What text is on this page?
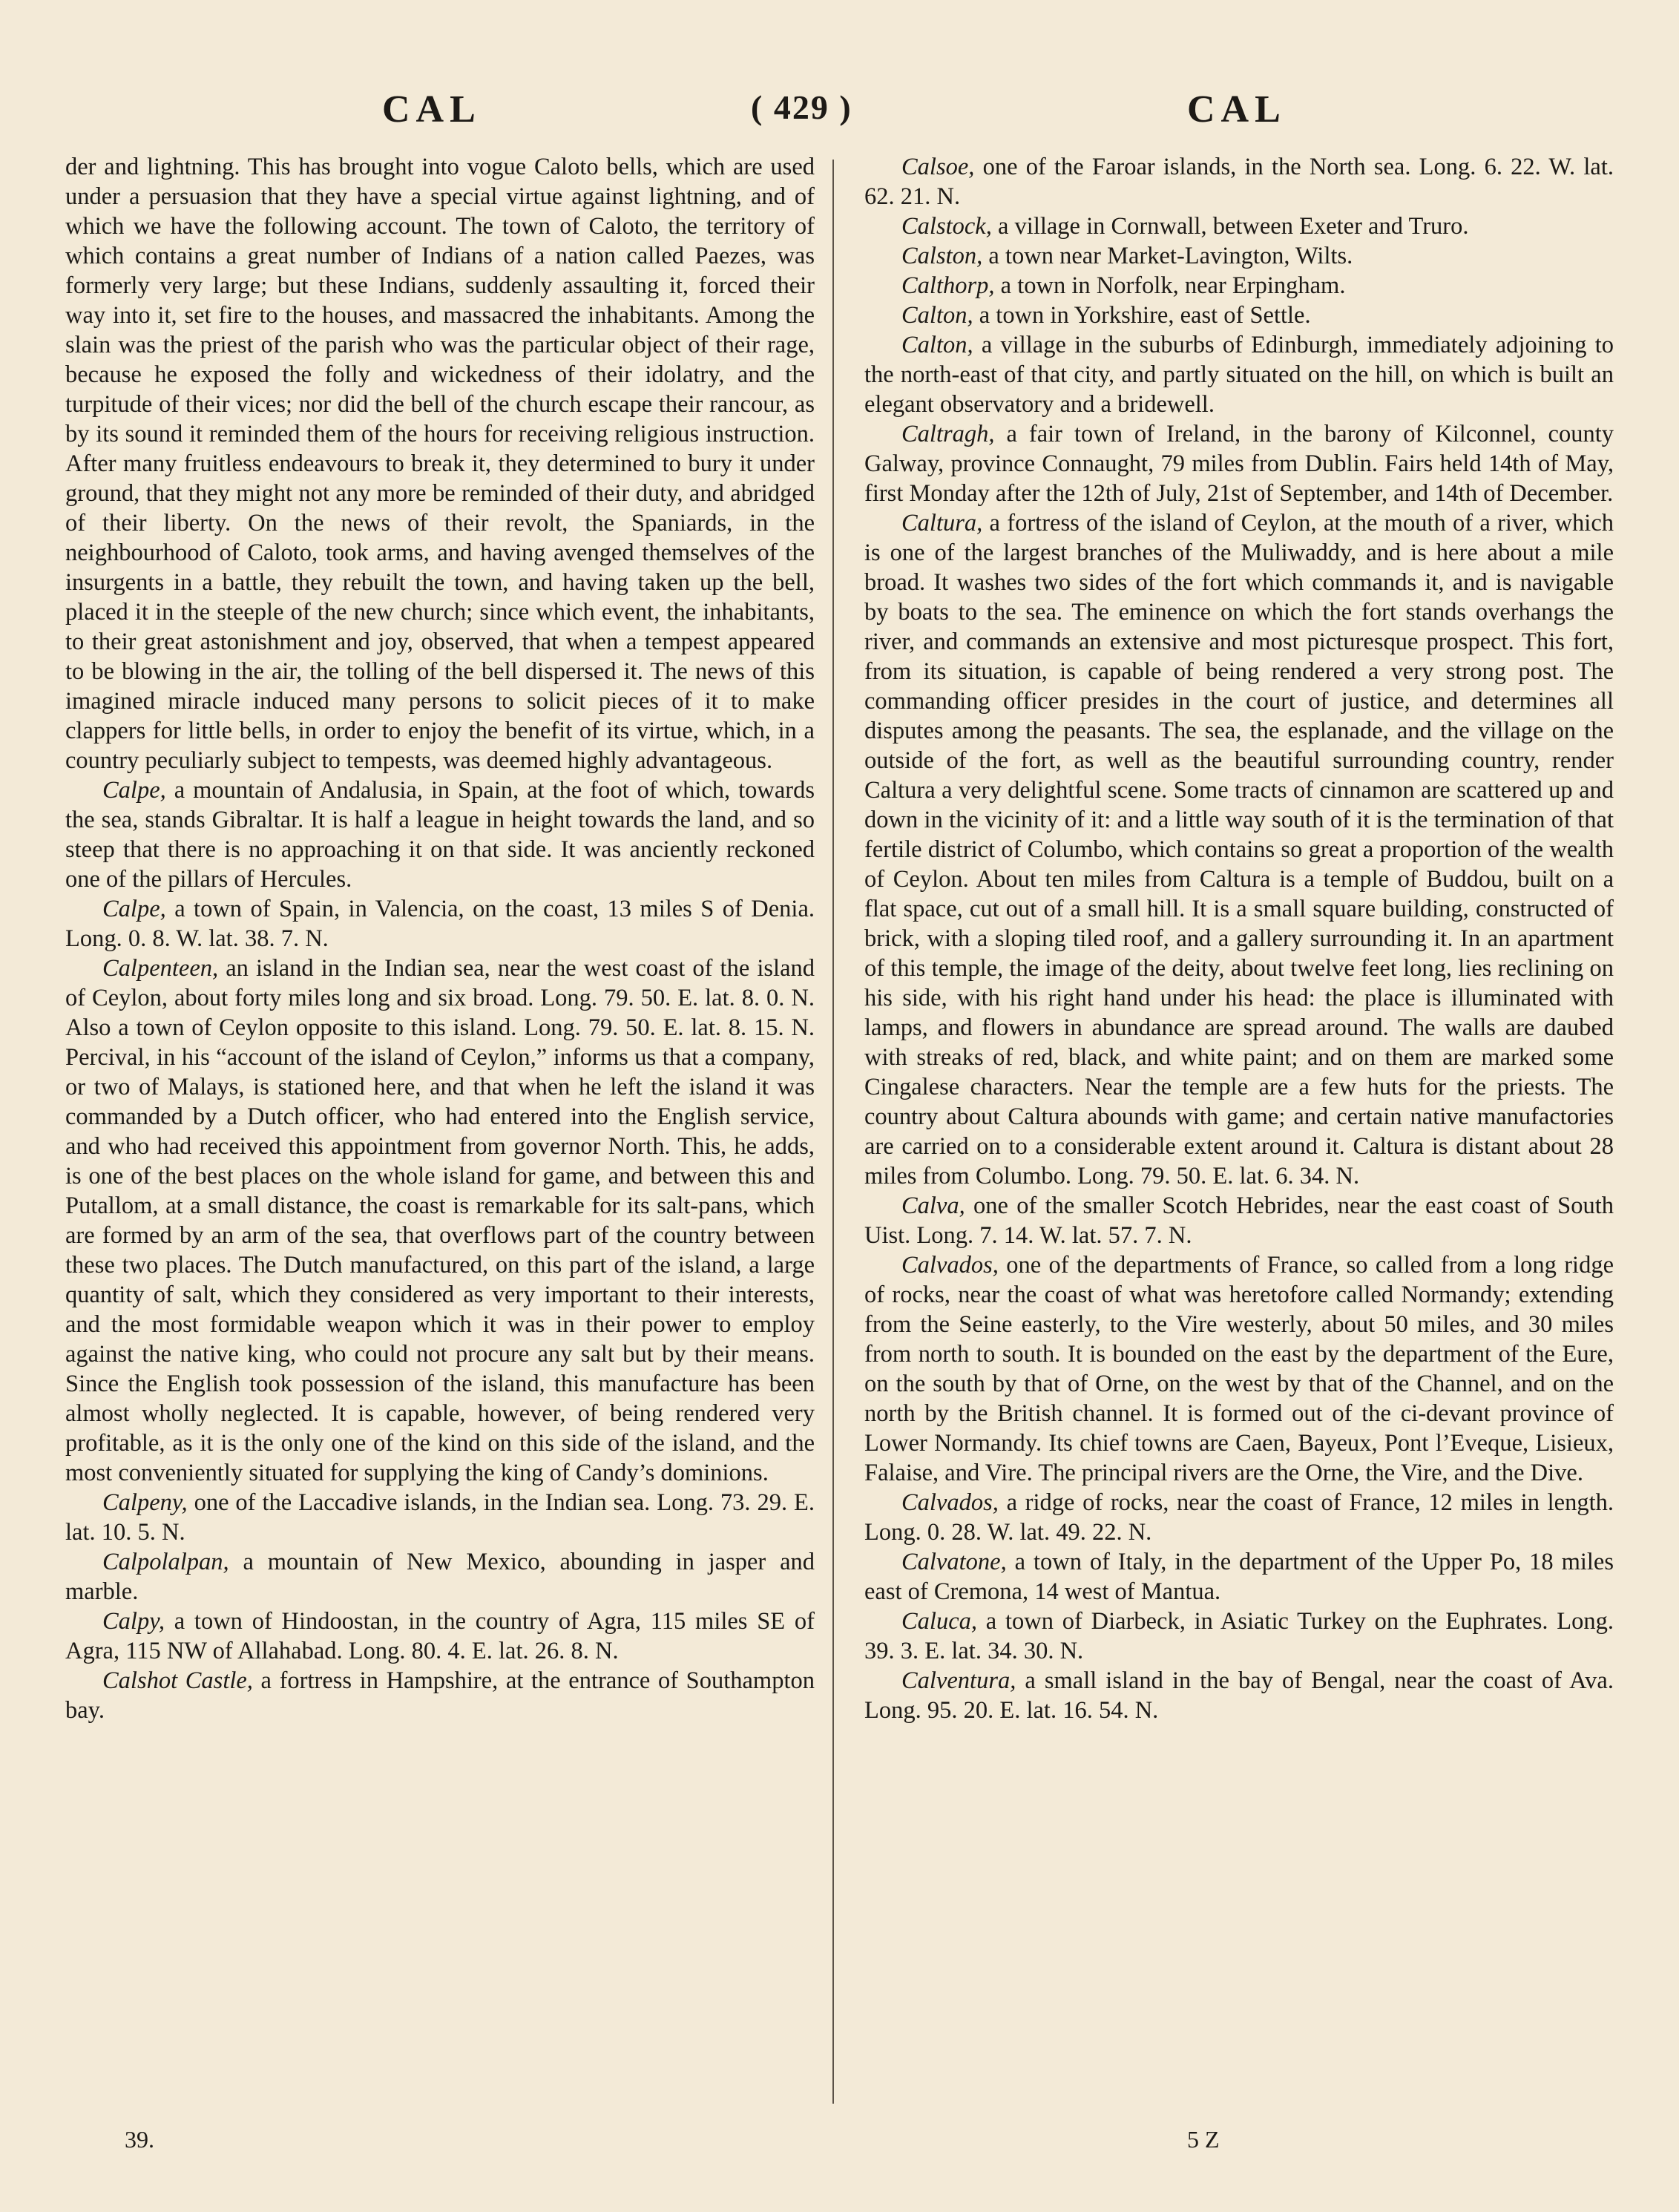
CAL	( 429 )	CAL

der and lightning. This has brought into vogue Caloto bells, which are used under a persuasion that they have a special virtue against lightning, and of which we have the following account. The town of Caloto, the territory of which contains a great number of Indians of a nation called Paezes, was formerly very large; but these Indians, suddenly assaulting it, forced their way into it, set fire to the houses, and massacred the inhabitants. Among the slain was the priest of the parish who was the particular object of their rage, because he exposed the folly and wickedness of their idolatry, and the turpitude of their vices; nor did the bell of the church escape their rancour, as by its sound it reminded them of the hours for receiving religious instruction. After many fruitless endeavours to break it, they determined to bury it under ground, that they might not any more be reminded of their duty, and abridged of their liberty. On the news of their revolt, the Spaniards, in the neighbourhood of Caloto, took arms, and having avenged themselves of the insurgents in a battle, they rebuilt the town, and having taken up the bell, placed it in the steeple of the new church; since which event, the inhabitants, to their great astonishment and joy, observed, that when a tempest appeared to be blowing in the air, the tolling of the bell dispersed it. The news of this imagined miracle induced many persons to solicit pieces of it to make clappers for little bells, in order to enjoy the benefit of its virtue, which, in a country peculiarly subject to tempests, was deemed highly advantageous.

Calpe, a mountain of Andalusia, in Spain, at the foot of which, towards the sea, stands Gibraltar. It is half a league in height towards the land, and so steep that there is no approaching it on that side. It was anciently reckoned one of the pillars of Hercules.

Calpe, a town of Spain, in Valencia, on the coast, 13 miles S of Denia. Long. 0. 8. W. lat. 38. 7. N.

Calpenteen, an island in the Indian sea, near the west coast of the island of Ceylon, about forty miles long and six broad. Long. 79. 50. E. lat. 8. 0. N. Also a town of Ceylon opposite to this island. Long. 79. 50. E. lat. 8. 15. N. Percival, in his “account of the island of Ceylon,” informs us that a company, or two of Malays, is stationed here, and that when he left the island it was commanded by a Dutch officer, who had entered into the English service, and who had received this appointment from governor North. This, he adds, is one of the best places on the whole island for game, and between this and Putallom, at a small distance, the coast is remarkable for its salt-pans, which are formed by an arm of the sea, that overflows part of the country between these two places. The Dutch manufactured, on this part of the island, a large quantity of salt, which they considered as very important to their interests, and the most formidable weapon which it was in their power to employ against the native king, who could not procure any salt but by their means. Since the English took possession of the island, this manufacture has been almost wholly neglected. It is capable, however, of being rendered very profitable, as it is the only one of the kind on this side of the island, and the most conveniently situated for supplying the king of Candy’s dominions.

Calpeny, one of the Laccadive islands, in the Indian sea. Long. 73. 29. E. lat. 10. 5. N.

Calpolalpan, a mountain of New Mexico, abounding in jasper and marble.

Calpy, a town of Hindoostan, in the country of Agra, 115 miles SE of Agra, 115 NW of Allahabad. Long. 80. 4. E. lat. 26. 8. N.

Calshot Castle, a fortress in Hampshire, at the entrance of Southampton bay.

Calsoe, one of the Faroar islands, in the North sea. Long. 6. 22. W. lat. 62. 21. N.

Calstock, a village in Cornwall, between Exeter and Truro.

Calston, a town near Market-Lavington, Wilts.

Calthorp, a town in Norfolk, near Erpingham.

Calton, a town in Yorkshire, east of Settle.

Calton, a village in the suburbs of Edinburgh, immediately adjoining to the north-east of that city, and partly situated on the hill, on which is built an elegant observatory and a bridewell.

Caltragh, a fair town of Ireland, in the barony of Kilconnel, county Galway, province Connaught, 79 miles from Dublin. Fairs held 14th of May, first Monday after the 12th of July, 21st of September, and 14th of December.

Caltura, a fortress of the island of Ceylon, at the mouth of a river, which is one of the largest branches of the Muliwaddy, and is here about a mile broad. It washes two sides of the fort which commands it, and is navigable by boats to the sea. The eminence on which the fort stands overhangs the river, and commands an extensive and most picturesque prospect. This fort, from its situation, is capable of being rendered a very strong post. The commanding officer presides in the court of justice, and determines all disputes among the peasants. The sea, the esplanade, and the village on the outside of the fort, as well as the beautiful surrounding country, render Caltura a very delightful scene. Some tracts of cinnamon are scattered up and down in the vicinity of it: and a little way south of it is the termination of that fertile district of Columbo, which contains so great a proportion of the wealth of Ceylon. About ten miles from Caltura is a temple of Buddou, built on a flat space, cut out of a small hill. It is a small square building, constructed of brick, with a sloping tiled roof, and a gallery surrounding it. In an apartment of this temple, the image of the deity, about twelve feet long, lies reclining on his side, with his right hand under his head: the place is illuminated with lamps, and flowers in abundance are spread around. The walls are daubed with streaks of red, black, and white paint; and on them are marked some Cingalese characters. Near the temple are a few huts for the priests. The country about Caltura abounds with game; and certain native manufactories are carried on to a considerable extent around it. Caltura is distant about 28 miles from Columbo. Long. 79. 50. E. lat. 6. 34. N.

Calva, one of the smaller Scotch Hebrides, near the east coast of South Uist. Long. 7. 14. W. lat. 57. 7. N.

Calvados, one of the departments of France, so called from a long ridge of rocks, near the coast of what was heretofore called Normandy; extending from the Seine easterly, to the Vire westerly, about 50 miles, and 30 miles from north to south. It is bounded on the east by the department of the Eure, on the south by that of Orne, on the west by that of the Channel, and on the north by the British channel. It is formed out of the ci-devant province of Lower Normandy. Its chief towns are Caen, Bayeux, Pont l’Eveque, Lisieux, Falaise, and Vire. The principal rivers are the Orne, the Vire, and the Dive.

Calvados, a ridge of rocks, near the coast of France, 12 miles in length. Long. 0. 28. W. lat. 49. 22. N.

Calvatone, a town of Italy, in the department of the Upper Po, 18 miles east of Cremona, 14 west of Mantua.

Caluca, a town of Diarbeck, in Asiatic Turkey on the Euphrates. Long. 39. 3. E. lat. 34. 30. N.

Calventura, a small island in the bay of Bengal, near the coast of Ava. Long. 95. 20. E. lat. 16. 54. N.

39.	5 Z
